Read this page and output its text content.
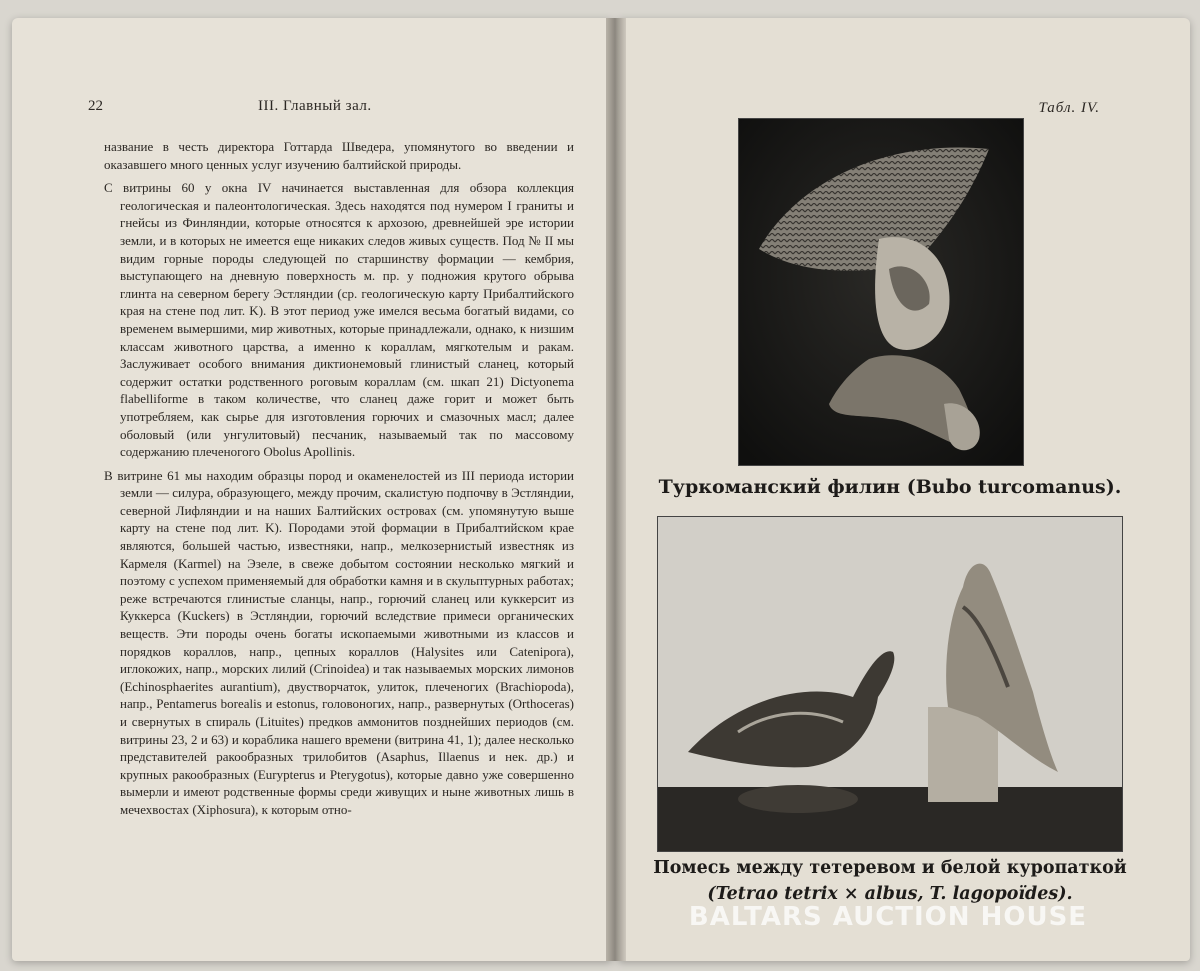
22	III. Главный зал.

название в честь директора Готтарда Шведера, упомянутого во введении и оказавшего много ценных услуг изучению балтийской природы.

С витрины 60 у окна IV начинается выставленная для обзора коллекция геологическая и палеонтологическая. Здесь находятся под нумером I граниты и гнейсы из Финляндии, которые относятся к архозою, древнейшей эре истории земли, и в которых не имеется еще никаких следов живых существ. Под № II мы видим горные породы следующей по старшинству формации — кембрия, выступающего на дневную поверхность м. пр. у подножия крутого обрыва глинта на северном берегу Эстляндии (ср. геологическую карту Прибалтийского края на стене под лит. K). В этот период уже имелся весьма богатый видами, со временем вымершими, мир животных, которые принадлежали, однако, к низшим классам животного царства, а именно к кораллам, мягкотелым и ракам. Заслуживает особого внимания диктионемовый глинистый сланец, который содержит остатки родственного роговым кораллам (см. шкап 21) Dictyonema flabelliforme в таком количестве, что сланец даже горит и может быть употребляем, как сырье для изготовления горючих и смазочных масл; далее оболовый (или унгулитовый) песчаник, называемый так по массовому содержанию плеченогого Obolus Apollinis.

В витрине 61 мы находим образцы пород и окаменелостей из III периода истории земли — силура, образующего, между прочим, скалистую подпочву в Эстляндии, северной Лифляндии и на наших Балтийских островах (см. упомянутую выше карту на стене под лит. K). Породами этой формации в Прибалтийском крае являются, большей частью, известняки, напр., мелкозернистый известняк из Кармеля (Karmel) на Эзеле, в свеже добытом состоянии несколько мягкий и поэтому с успехом применяемый для обработки камня и в скульптурных работах; реже встречаются глинистые сланцы, напр., горючий сланец или куккерсит из Куккерса (Kuckers) в Эстляндии, горючий вследствие примеси органических веществ. Эти породы очень богаты ископаемыми животными из классов и порядков кораллов, напр., цепных кораллов (Halysites или Catenipora), иглокожих, напр., морских лилий (Crinoidea) и так называемых морских лимонов (Echinosphaerites aurantium), двустворчаток, улиток, плеченогих (Brachiopoda), напр., Pentamerus borealis и estonus, головоногих, напр., развернутых (Orthoceras) и свернутых в спираль (Lituites) предков аммонитов позднейших периодов (см. витрины 23, 2 и 63) и кораблика нашего времени (витрина 41, 1); далее несколько представителей ракообразных трилобитов (Asaphus, Illaenus и нек. др.) и крупных ракообразных (Eurypterus и Pterygotus), которые давно уже совершенно вымерли и имеют родственные формы среди живущих и ныне животных лишь в мечехвостах (Xiphosura), к которым отно-

Табл. IV.
Туркоманский филин (Bubo turcomanus).
Помесь между тетеревом и белой куропаткой
(Tetrao tetrix × albus, T. lagopoïdes).
BALTARS AUCTION HOUSE
